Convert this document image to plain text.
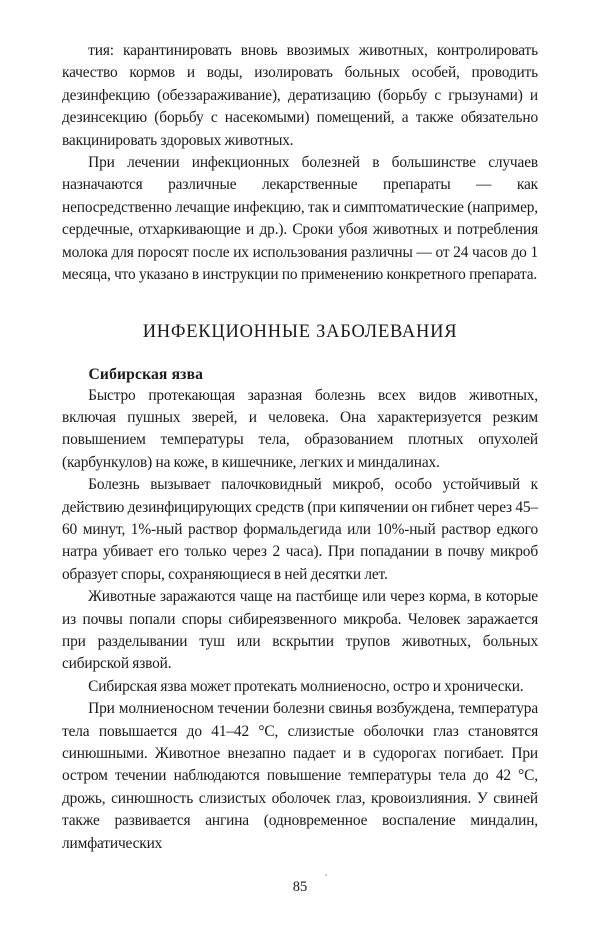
тия: карантинировать вновь ввозимых животных, контролировать качество кормов и воды, изолировать больных особей, проводить дезинфекцию (обеззараживание), дератизацию (борьбу с грызунами) и дезинсекцию (борьбу с насекомыми) помещений, а также обязательно вакцинировать здоровых животных.

При лечении инфекционных болезней в большинстве случаев назначаются различные лекарственные препараты — как непосредственно лечащие инфекцию, так и симптоматические (например, сердечные, отхаркивающие и др.). Сроки убоя животных и потребления молока для поросят после их использования различны — от 24 часов до 1 месяца, что указано в инструкции по применению конкретного препарата.

ИНФЕКЦИОННЫЕ ЗАБОЛЕВАНИЯ
Сибирская язва

Быстро протекающая заразная болезнь всех видов животных, включая пушных зверей, и человека. Она характеризуется резким повышением температуры тела, образованием плотных опухолей (карбункулов) на коже, в кишечнике, легких и миндалинах.

Болезнь вызывает палочковидный микроб, особо устойчивый к действию дезинфицирующих средств (при кипячении он гибнет через 45–60 минут, 1%-ный раствор формальдегида или 10%-ный раствор едкого натра убивает его только через 2 часа). При попадании в почву микроб образует споры, сохраняющиеся в ней десятки лет.

Животные заражаются чаще на пастбище или через корма, в которые из почвы попали споры сибиреязвенного микроба. Человек заражается при разделывании туш или вскрытии трупов животных, больных сибирской язвой.

Сибирская язва может протекать молниеносно, остро и хронически.

При молниеносном течении болезни свинья возбуждена, температура тела повышается до 41–42 °С, слизистые оболочки глаз становятся синюшными. Животное внезапно падает и в судорогах погибает. При остром течении наблюдаются повышение температуры тела до 42 °С, дрожь, синюшность слизистых оболочек глаз, кровоизлияния. У свиней также развивается ангина (одновременное воспаление миндалин, лимфатических

85
